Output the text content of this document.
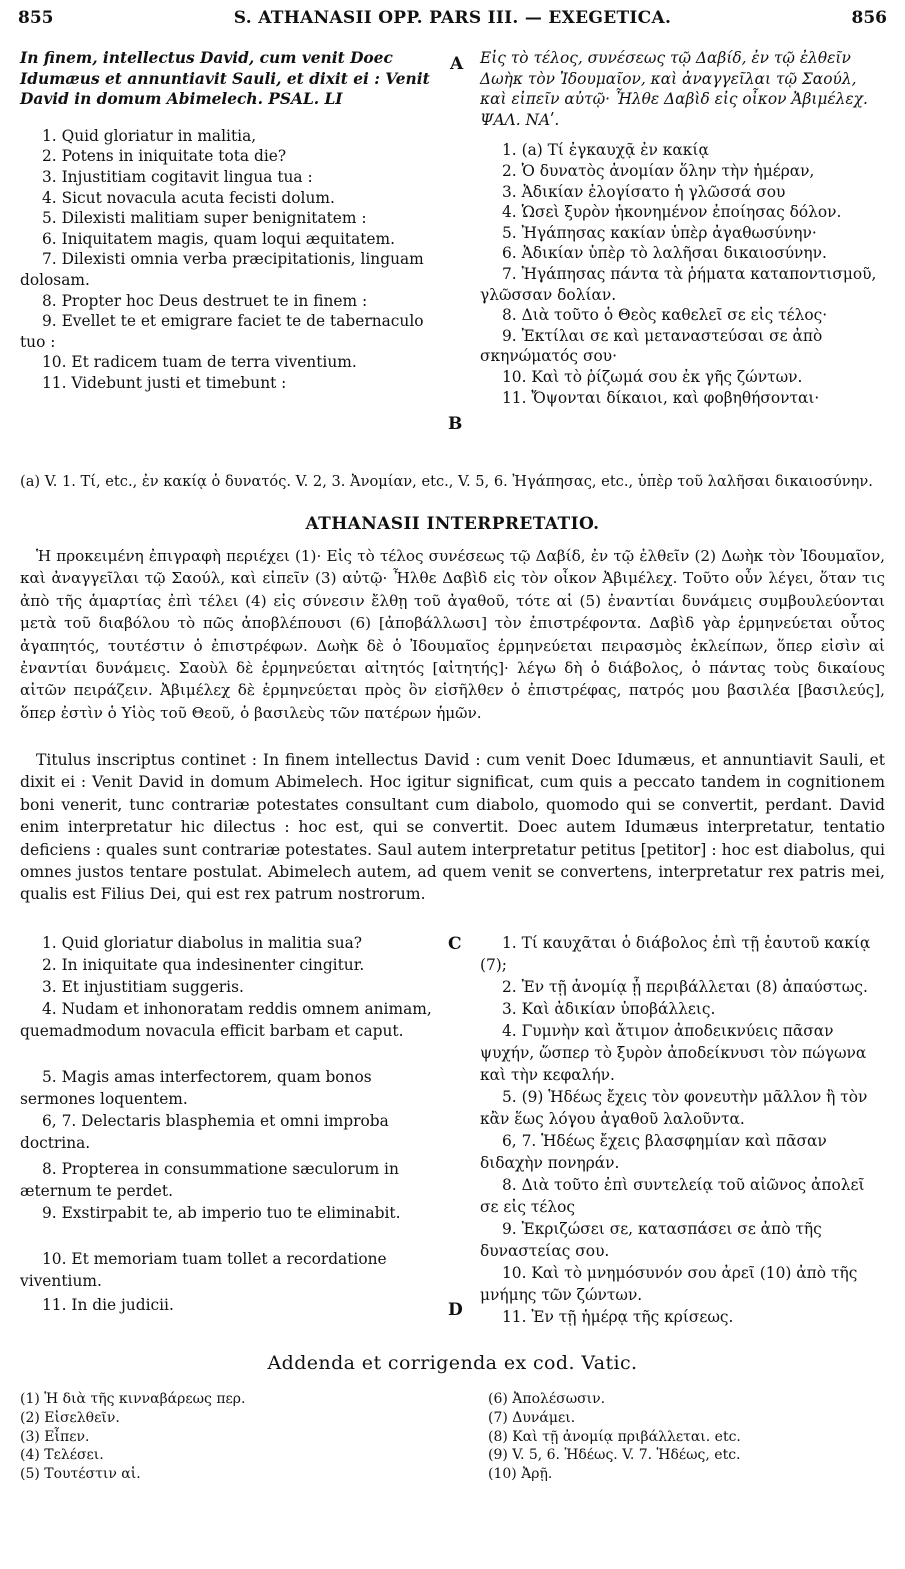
855	S. ATHANASII OPP. PARS III. — EXEGETICA.	856
A
B
C
D

In finem, intellectus David, cum venit Doec Idumæus et annuntiavit Sauli, et dixit ei : Venit David in domum Abimelech. PSAL. LI

1. Quid gloriatur in malitia,

2. Potens in iniquitate tota die?

3. Injustitiam cogitavit lingua tua :

4. Sicut novacula acuta fecisti dolum.

5. Dilexisti malitiam super benignitatem :

6. Iniquitatem magis, quam loqui æquitatem.

7. Dilexisti omnia verba præcipitationis, linguam dolosam.

8. Propter hoc Deus destruet te in finem :

9. Evellet te et emigrare faciet te de tabernaculo tuo :

10. Et radicem tuam de terra viventium.

11. Videbunt justi et timebunt :

Εἰς τὸ τέλος, συνέσεως τῷ Δαβίδ, ἐν τῷ ἐλθεῖν Δωὴκ τὸν Ἰδουμαῖον, καὶ ἀναγγεῖλαι τῷ Σαούλ, καὶ εἰπεῖν αὐτῷ· Ἦλθε Δαβὶδ εἰς οἶκον Ἀβιμέλεχ. ΨΑΛ. ΝΑʹ.

1. (a) Τί ἐγκαυχᾷ ἐν κακίᾳ

2. Ὁ δυνατὸς ἀνομίαν ὅλην τὴν ἡμέραν,

3. Ἀδικίαν ἐλογίσατο ἡ γλῶσσά σου

4. Ὡσεὶ ξυρὸν ἠκονημένον ἐποίησας δόλον.

5. Ἠγάπησας κακίαν ὑπὲρ ἀγαθωσύνην·

6. Ἀδικίαν ὑπὲρ τὸ λαλῆσαι δικαιοσύνην.

7. Ἠγάπησας πάντα τὰ ῥήματα καταποντισμοῦ, γλῶσσαν δολίαν.

8. Διὰ τοῦτο ὁ Θεὸς καθελεῖ σε εἰς τέλος·

9. Ἐκτίλαι σε καὶ μεταναστεύσαι σε ἀπὸ σκηνώματός σου·

10. Καὶ τὸ ῥίζωμά σου ἐκ γῆς ζώντων.

11. Ὄψονται δίκαιοι, καὶ φοβηθήσονται·

(a) V. 1. Τί, etc., ἐν κακίᾳ ὁ δυνατός. V. 2, 3. Ἀνομίαν, etc., V. 5, 6. Ἠγάπησας, etc., ὑπὲρ τοῦ λαλῆσαι δικαιοσύνην.
ATHANASII INTERPRETATIO.
Ἡ προκειμένη ἐπιγραφὴ περιέχει (1)· Εἰς τὸ τέλος συνέσεως τῷ Δαβίδ, ἐν τῷ ἐλθεῖν (2) Δωὴκ τὸν Ἰδουμαῖον, καὶ ἀναγγεῖλαι τῷ Σαούλ, καὶ εἰπεῖν (3) αὐτῷ· Ἦλθε Δαβὶδ εἰς τὸν οἶκον Ἀβιμέλεχ. Τοῦτο οὖν λέγει, ὅταν τις ἀπὸ τῆς ἁμαρτίας ἐπὶ τέλει (4) εἰς σύνεσιν ἔλθῃ τοῦ ἀγαθοῦ, τότε αἱ (5) ἐναντίαι δυνάμεις συμβουλεύονται μετὰ τοῦ διαβόλου τὸ πῶς ἀποβλέπουσι (6) [ἀποβάλλωσι] τὸν ἐπιστρέφοντα. Δαβὶδ γὰρ ἑρμηνεύεται οὗτος ἀγαπητός, τουτέστιν ὁ ἐπιστρέφων. Δωὴκ δὲ ὁ Ἰδουμαῖος ἑρμηνεύεται πειρασμὸς ἐκλείπων, ὅπερ εἰσὶν αἱ ἐναντίαι δυνάμεις. Σαοὺλ δὲ ἑρμηνεύεται αἰτητός [αἰτητής]· λέγω δὴ ὁ διάβολος, ὁ πάντας τοὺς δικαίους αἰτῶν πειράζειν. Ἀβιμέλεχ δὲ ἑρμηνεύεται πρὸς ὃν εἰσῆλθεν ὁ ἐπιστρέφας, πατρός μου βασιλέα [βασιλεύς], ὅπερ ἐστὶν ὁ Υἱὸς τοῦ Θεοῦ, ὁ βασιλεὺς τῶν πατέρων ἡμῶν.
Titulus inscriptus continet : In finem intellectus David : cum venit Doec Idumæus, et annuntiavit Sauli, et dixit ei : Venit David in domum Abimelech. Hoc igitur significat, cum quis a peccato tandem in cognitionem boni venerit, tunc contrariæ potestates consultant cum diabolo, quomodo qui se convertit, perdant. David enim interpretatur hic dilectus : hoc est, qui se convertit. Doec autem Idumæus interpretatur, tentatio deficiens : quales sunt contrariæ potestates. Saul autem interpretatur petitus [petitor] : hoc est diabolus, qui omnes justos tentare postulat. Abimelech autem, ad quem venit se convertens, interpretatur rex patris mei, qualis est Filius Dei, qui est rex patrum nostrorum.

1. Quid gloriatur diabolus in malitia sua?

2. In iniquitate qua indesinenter cingitur.

3. Et injustitiam suggeris.

4. Nudam et inhonoratam reddis omnem animam, quemadmodum novacula efficit barbam et caput.

5. Magis amas interfectorem, quam bonos sermones loquentem.

6, 7. Delectaris blasphemia et omni improba doctrina.

8. Propterea in consummatione sæculorum in æternum te perdet.

9. Exstirpabit te, ab imperio tuo te eliminabit.

10. Et memoriam tuam tollet a recordatione viventium.

11. In die judicii.

1. Τί καυχᾶται ὁ διάβολος ἐπὶ τῇ ἑαυτοῦ κακίᾳ (7);

2. Ἐν τῇ ἀνομίᾳ ᾗ περιβάλλεται (8) ἀπαύστως.

3. Καὶ ἀδικίαν ὑποβάλλεις.

4. Γυμνὴν καὶ ἄτιμον ἀποδεικνύεις πᾶσαν ψυχήν, ὥσπερ τὸ ξυρὸν ἀποδείκνυσι τὸν πώγωνα καὶ τὴν κεφαλήν.

5. (9) Ἡδέως ἔχεις τὸν φονευτὴν μᾶλλον ἢ τὸν κἂν ἕως λόγου ἀγαθοῦ λαλοῦντα.

6, 7. Ἡδέως ἔχεις βλασφημίαν καὶ πᾶσαν διδαχὴν πονηράν.

8. Διὰ τοῦτο ἐπὶ συντελείᾳ τοῦ αἰῶνος ἀπολεῖ σε εἰς τέλος

9. Ἐκριζώσει σε, κατασπάσει σε ἀπὸ τῆς δυναστείας σου.

10. Καὶ τὸ μνημόσυνόν σου ἀρεῖ (10) ἀπὸ τῆς μνήμης τῶν ζώντων.

11. Ἐν τῇ ἡμέρᾳ τῆς κρίσεως.

Addenda et corrigenda ex cod. Vatic.
(1) Ἡ διὰ τῆς κινναβάρεως περ.
(2) Εἰσελθεῖν.
(3) Εἶπεν.
(4) Τελέσει.
(5) Τουτέστιν αἱ.
(6) Ἀπολέσωσιν.
(7) Δυνάμει.
(8) Καὶ τῇ ἀνομίᾳ πριβάλλεται. etc.
(9) V. 5, 6. Ἡδέως. V. 7. Ἡδέως, etc.
(10) Ἀρῇ.
